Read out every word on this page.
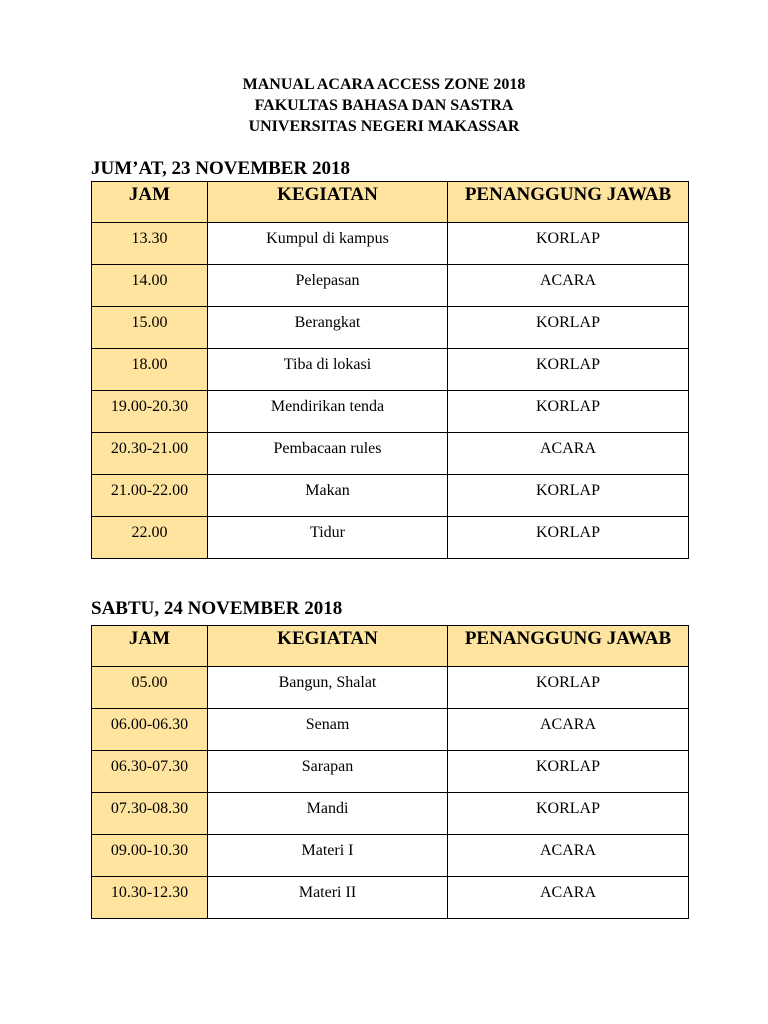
MANUAL ACARA ACCESS ZONE 2018
FAKULTAS BAHASA DAN SASTRA
UNIVERSITAS NEGERI MAKASSAR
JUM’AT, 23 NOVEMBER 2018
JAM	KEGIATAN	PENANGGUNG JAWAB
13.30	Kumpul di kampus	KORLAP
14.00	Pelepasan	ACARA
15.00	Berangkat	KORLAP
18.00	Tiba di lokasi	KORLAP
19.00-20.30	Mendirikan tenda	KORLAP
20.30-21.00	Pembacaan rules	ACARA
21.00-22.00	Makan	KORLAP
22.00	Tidur	KORLAP
SABTU, 24 NOVEMBER 2018
JAM	KEGIATAN	PENANGGUNG JAWAB
05.00	Bangun, Shalat	KORLAP
06.00-06.30	Senam	ACARA
06.30-07.30	Sarapan	KORLAP
07.30-08.30	Mandi	KORLAP
09.00-10.30	Materi I	ACARA
10.30-12.30	Materi II	ACARA
